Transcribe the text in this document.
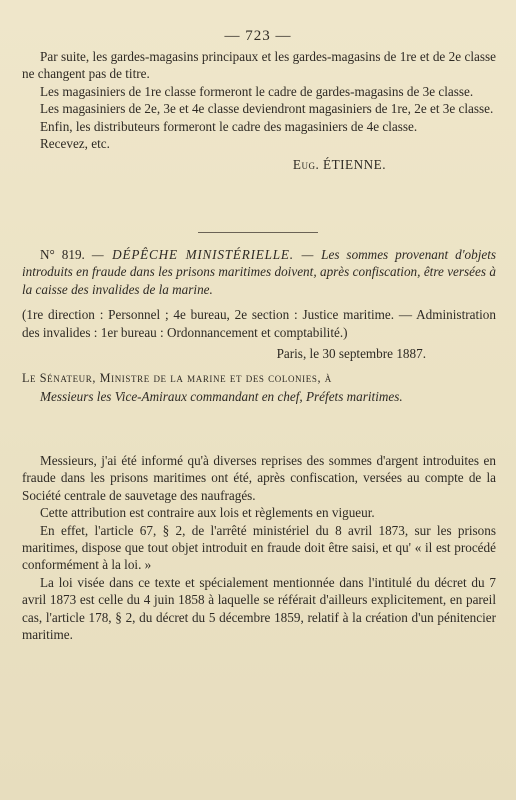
— 723 —

Par suite, les gardes-magasins principaux et les gardes-magasins de 1re et de 2e classe ne changent pas de titre.

Les magasiniers de 1re classe formeront le cadre de gardes-magasins de 3e classe.

Les magasiniers de 2e, 3e et 4e classe deviendront magasiniers de 1re, 2e et 3e classe.

Enfin, les distributeurs formeront le cadre des magasiniers de 4e classe.

Recevez, etc.

Eug. ÉTIENNE.

N° 819. — DÉPÊCHE MINISTÉRIELLE. — Les sommes provenant d'objets introduits en fraude dans les prisons maritimes doivent, après confiscation, être versées à la caisse des invalides de la marine.

(1re direction : Personnel ; 4e bureau, 2e section : Justice maritime. — Administration des invalides : 1er bureau : Ordonnancement et comptabilité.)

Paris, le 30 septembre 1887.

Le Sénateur, Ministre de la marine et des colonies, à

Messieurs les Vice-Amiraux commandant en chef, Préfets maritimes.

Messieurs, j'ai été informé qu'à diverses reprises des sommes d'argent introduites en fraude dans les prisons maritimes ont été, après confiscation, versées au compte de la Société centrale de sauvetage des naufragés.

Cette attribution est contraire aux lois et règlements en vigueur.

En effet, l'article 67, § 2, de l'arrêté ministériel du 8 avril 1873, sur les prisons maritimes, dispose que tout objet introduit en fraude doit être saisi, et qu' « il est procédé conformément à la loi. »

La loi visée dans ce texte et spécialement mentionnée dans l'intitulé du décret du 7 avril 1873 est celle du 4 juin 1858 à laquelle se référait d'ailleurs explicitement, en pareil cas, l'article 178, § 2, du décret du 5 décembre 1859, relatif à la création d'un pénitencier maritime.
